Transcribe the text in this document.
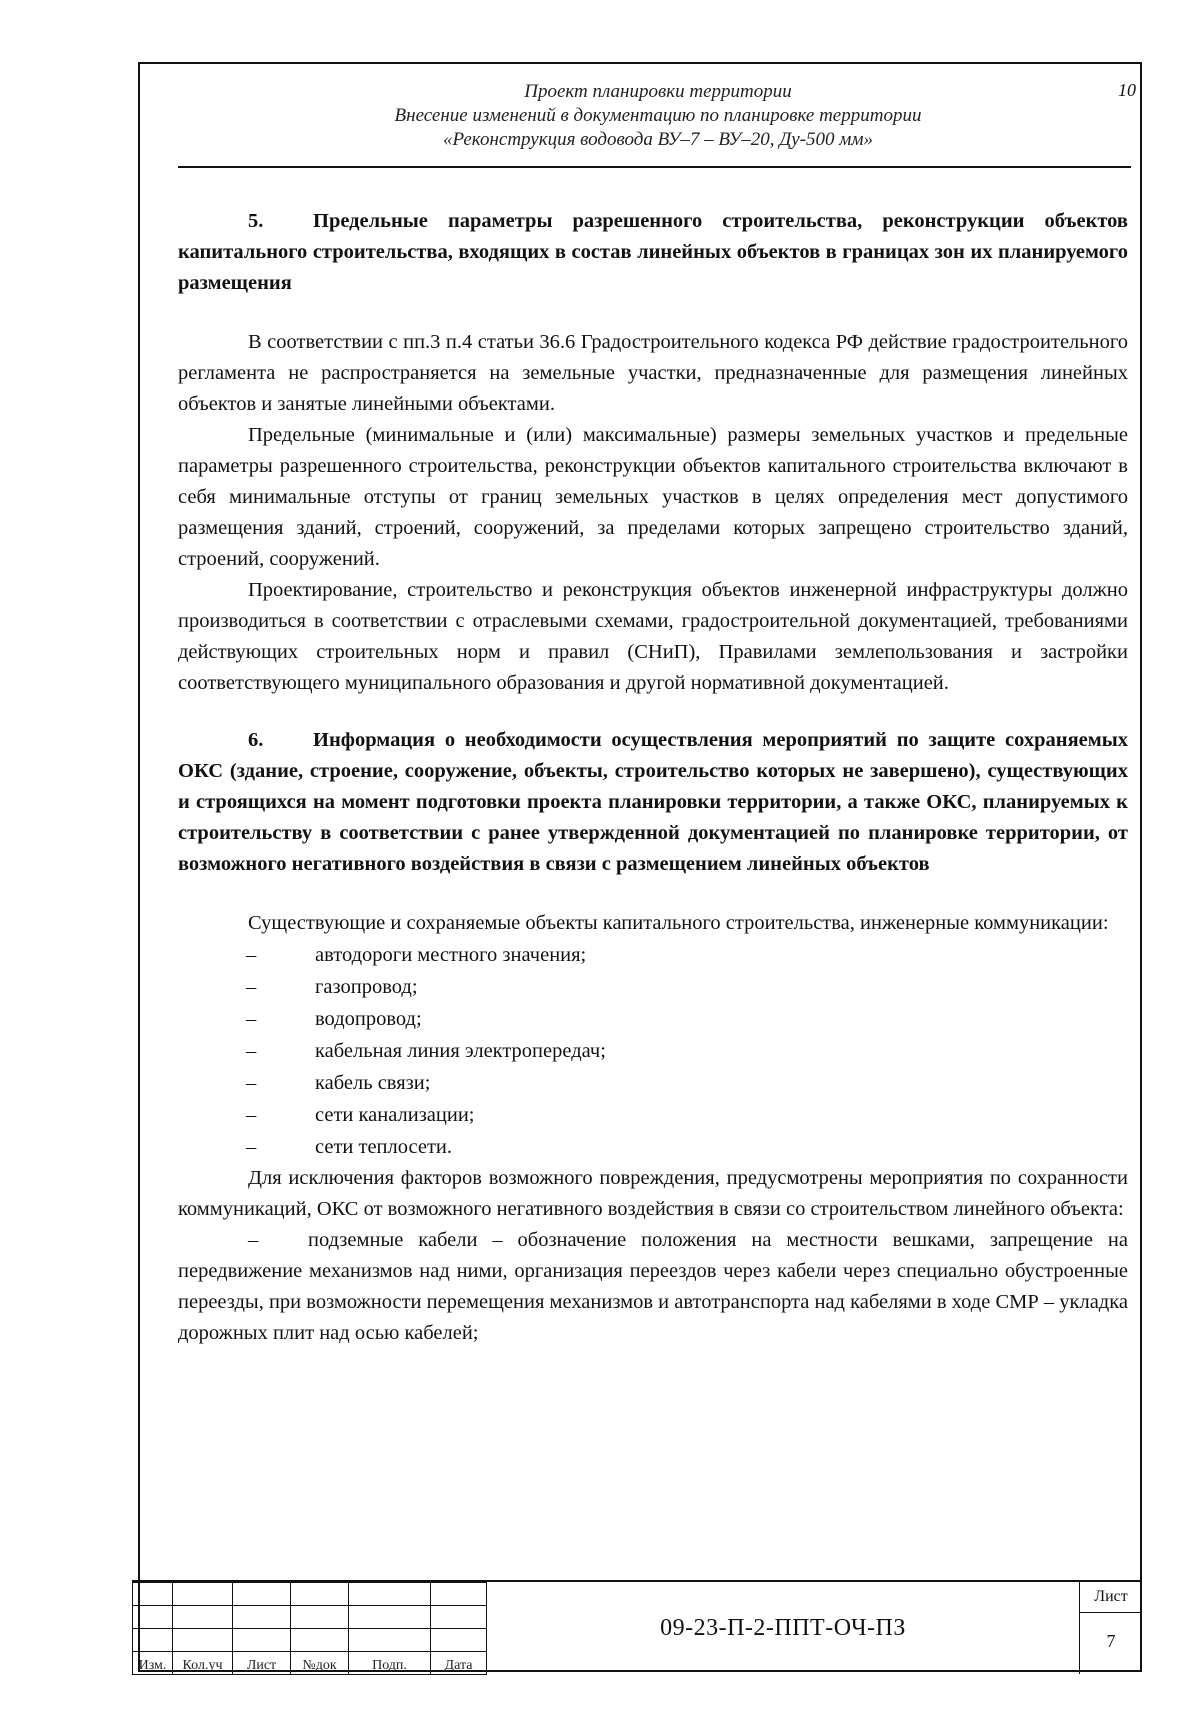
Проект планировки территории
Внесение изменений в документацию по планировке территории
«Реконструкция водовода ВУ–7 – ВУ–20, Ду-500 мм»
10

5. Предельные параметры разрешенного строительства, реконструкции объектов капитального строительства, входящих в состав линейных объектов в границах зон их планируемого размещения

В соответствии с пп.3 п.4 статьи 36.6 Градостроительного кодекса РФ действие градостроительного регламента не распространяется на земельные участки, предназначенные для размещения линейных объектов и занятые линейными объектами.

Предельные (минимальные и (или) максимальные) размеры земельных участков и предельные параметры разрешенного строительства, реконструкции объектов капитального строительства включают в себя минимальные отступы от границ земельных участков в целях определения мест допустимого размещения зданий, строений, сооружений, за пределами которых запрещено строительство зданий, строений, сооружений.

Проектирование, строительство и реконструкция объектов инженерной инфраструктуры должно производиться в соответствии с отраслевыми схемами, градостроительной документацией, требованиями действующих строительных норм и правил (СНиП), Правилами землепользования и застройки соответствующего муниципального образования и другой нормативной документацией.

6. Информация о необходимости осуществления мероприятий по защите сохраняемых ОКС (здание, строение, сооружение, объекты, строительство которых не завершено), существующих и строящихся на момент подготовки проекта планировки территории, а также ОКС, планируемых к строительству в соответствии с ранее утвержденной документацией по планировке территории, от возможного негативного воздействия в связи с размещением линейных объектов

Существующие и сохраняемые объекты капитального строительства, инженерные коммуникации:

–	автодороги местного значения;
–	газопровод;
–	водопровод;
–	кабельная линия электропередач;
–	кабель связи;
–	сети канализации;
–	сети теплосети.

Для исключения факторов возможного повреждения, предусмотрены мероприятия по сохранности коммуникаций, ОКС от возможного негативного воздействия в связи со строительством линейного объекта:

– подземные кабели – обозначение положения на местности вешками, запрещение на передвижение механизмов над ними, организация переездов через кабели через специально обустроенные переезды, при возможности перемещения механизмов и автотранспорта над кабелями в ходе СМР – укладка дорожных плит над осью кабелей;

Изм.	Кол.уч	Лист	№док	Подп.	Дата
09-23-П-2-ППТ-ОЧ-ПЗ
Лист
7
